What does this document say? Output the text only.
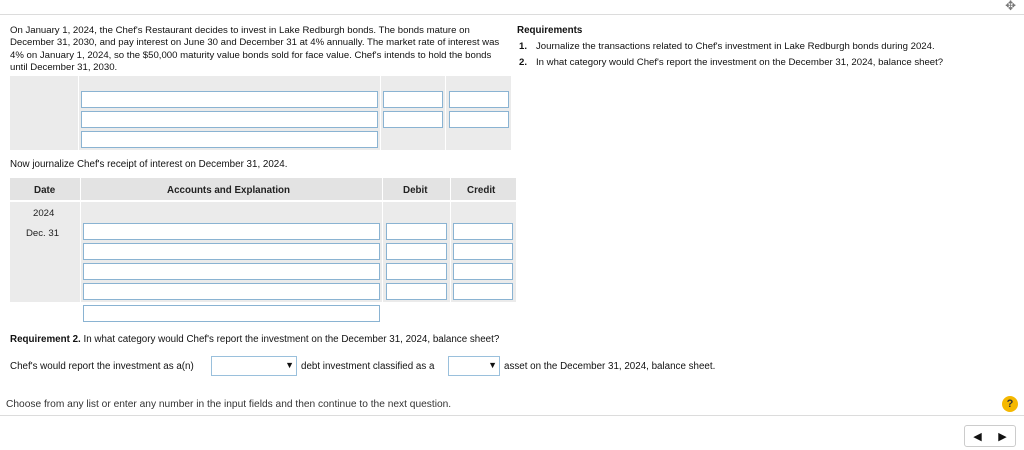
✥
On January 1, 2024, the Chef's Restaurant decides to invest in Lake Redburgh bonds. The bonds mature on December 31, 2030, and pay interest on June 30 and December 31 at 4% annually. The market rate of interest was 4% on January 1, 2024, so the $50,000 maturity value bonds sold for face value. Chef's intends to hold the bonds until December 31, 2030.
Requirements
1. Journalize the transactions related to Chef's investment in Lake Redburgh bonds during 2024.
2. In what category would Chef's report the investment on the December 31, 2024, balance sheet?
Now journalize Chef's receipt of interest on December 31, 2024.
Date	Accounts and Explanation	Debit	Credit
2024
Dec. 31
Requirement 2. In what category would Chef's report the investment on the December 31, 2024, balance sheet?
Chef's would report the investment as a(n)	▼ debt investment classified as a	▼ asset on the December 31, 2024, balance sheet.
Choose from any list or enter any number in the input fields and then continue to the next question.	?
◀ ▶
